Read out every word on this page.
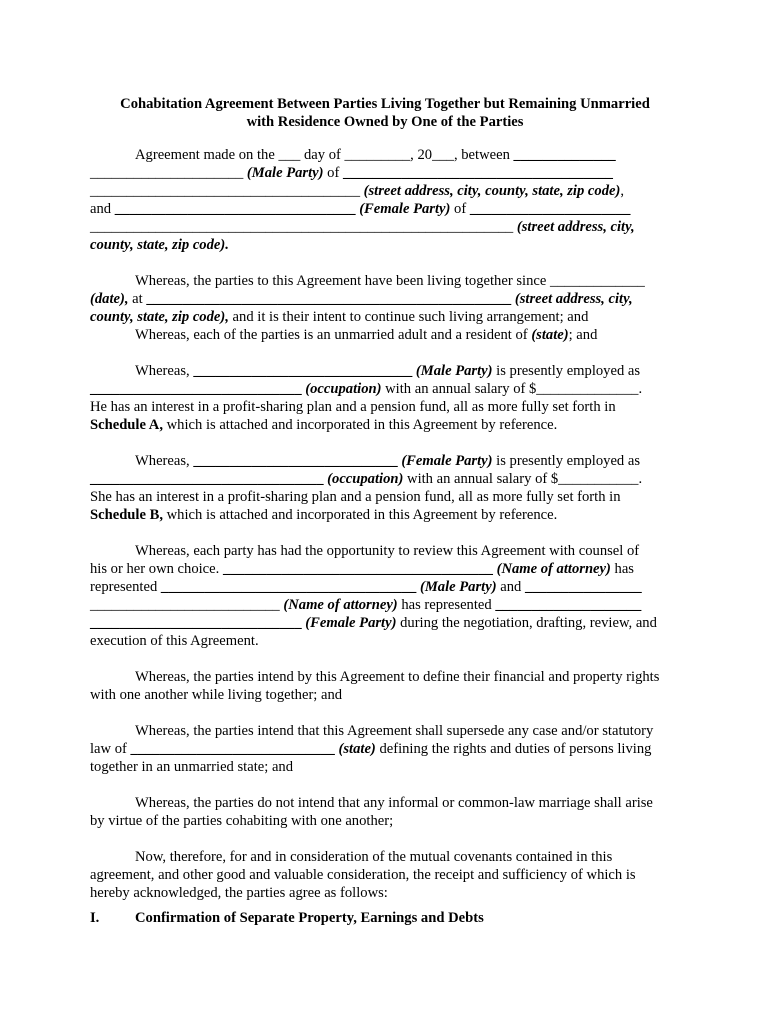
Cohabitation Agreement Between Parties Living Together but Remaining Unmarried
with Residence Owned by One of the Parties
Agreement made on the ___ day of _________, 20___, between ______________
_____________________ (Male Party) of _____________________________________
_____________________________________ (street address, city, county, state, zip code),
and _________________________________ (Female Party) of ______________________
__________________________________________________________ (street address, city,
county, state, zip code).
Whereas, the parties to this Agreement have been living together since _____________
(date), at __________________________________________________ (street address, city,
county, state, zip code), and it is their intent to continue such living arrangement; and
Whereas, each of the parties is an unmarried adult and a resident of (state); and
Whereas, ______________________________ (Male Party) is presently employed as
_____________________________ (occupation) with an annual salary of $______________.
He has an interest in a profit-sharing plan and a pension fund, all as more fully set forth in
Schedule A, which is attached and incorporated in this Agreement by reference.
Whereas, ____________________________ (Female Party) is presently employed as
________________________________ (occupation) with an annual salary of $___________.
She has an interest in a profit-sharing plan and a pension fund, all as more fully set forth in
Schedule B, which is attached and incorporated in this Agreement by reference.
Whereas, each party has had the opportunity to review this Agreement with counsel of
his or her own choice. _____________________________________ (Name of attorney) has
represented ___________________________________ (Male Party) and ________________
__________________________ (Name of attorney) has represented ____________________
_____________________________ (Female Party) during the negotiation, drafting, review, and
execution of this Agreement.
Whereas, the parties intend by this Agreement to define their financial and property rights
with one another while living together; and
Whereas, the parties intend that this Agreement shall supersede any case and/or statutory
law of ____________________________ (state) defining the rights and duties of persons living
together in an unmarried state; and
Whereas, the parties do not intend that any informal or common-law marriage shall arise
by virtue of the parties cohabiting with one another;
Now, therefore, for and in consideration of the mutual covenants contained in this
agreement, and other good and valuable consideration, the receipt and sufficiency of which is
hereby acknowledged, the parties agree as follows:
I. Confirmation of Separate Property, Earnings and Debts
